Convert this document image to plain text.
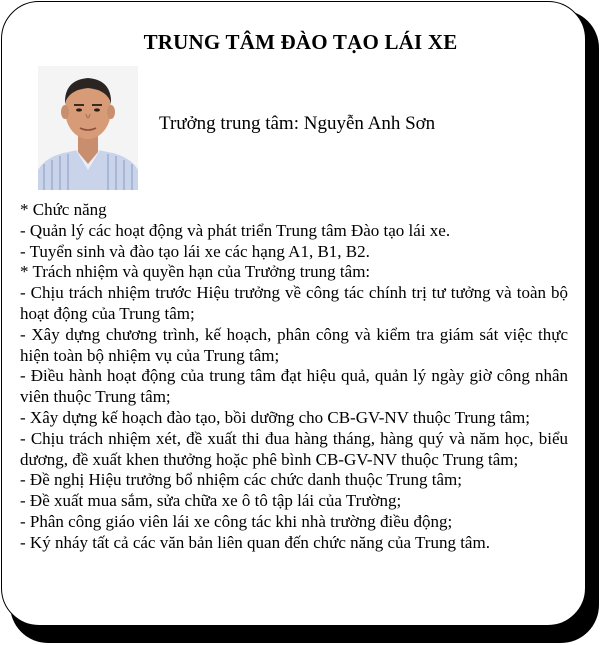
TRUNG TÂM ĐÀO TẠO LÁI XE
Trưởng trung tâm: Nguyễn Anh Sơn

* Chức năng

- Quản lý các hoạt động và phát triển Trung tâm Đào tạo lái xe.

- Tuyển sinh và đào tạo lái xe các hạng A1, B1, B2.

* Trách nhiệm và quyền hạn của Trưởng trung tâm:

- Chịu trách nhiệm trước Hiệu trưởng về công tác chính trị tư tưởng và toàn bộ hoạt động của Trung tâm;

- Xây dựng chương trình, kế hoạch, phân công và kiểm tra giám sát việc thực hiện toàn bộ nhiệm vụ của Trung tâm;

- Điều hành hoạt động của trung tâm đạt hiệu quả, quản lý ngày giờ công nhân viên thuộc Trung tâm;

- Xây dựng kế hoạch đào tạo, bồi dưỡng cho CB-GV-NV thuộc Trung tâm;

- Chịu trách nhiệm xét, đề xuất thi đua hàng tháng, hàng quý và năm học, biểu dương, đề xuất khen thưởng hoặc phê bình CB-GV-NV thuộc Trung tâm;

- Đề nghị Hiệu trưởng bổ nhiệm các chức danh thuộc Trung tâm;

- Đề xuất mua sắm, sửa chữa xe ô tô tập lái của Trường;

- Phân công giáo viên lái xe công tác khi nhà trường điều động;

- Ký nháy tất cả các văn bản liên quan đến chức năng của Trung tâm.
